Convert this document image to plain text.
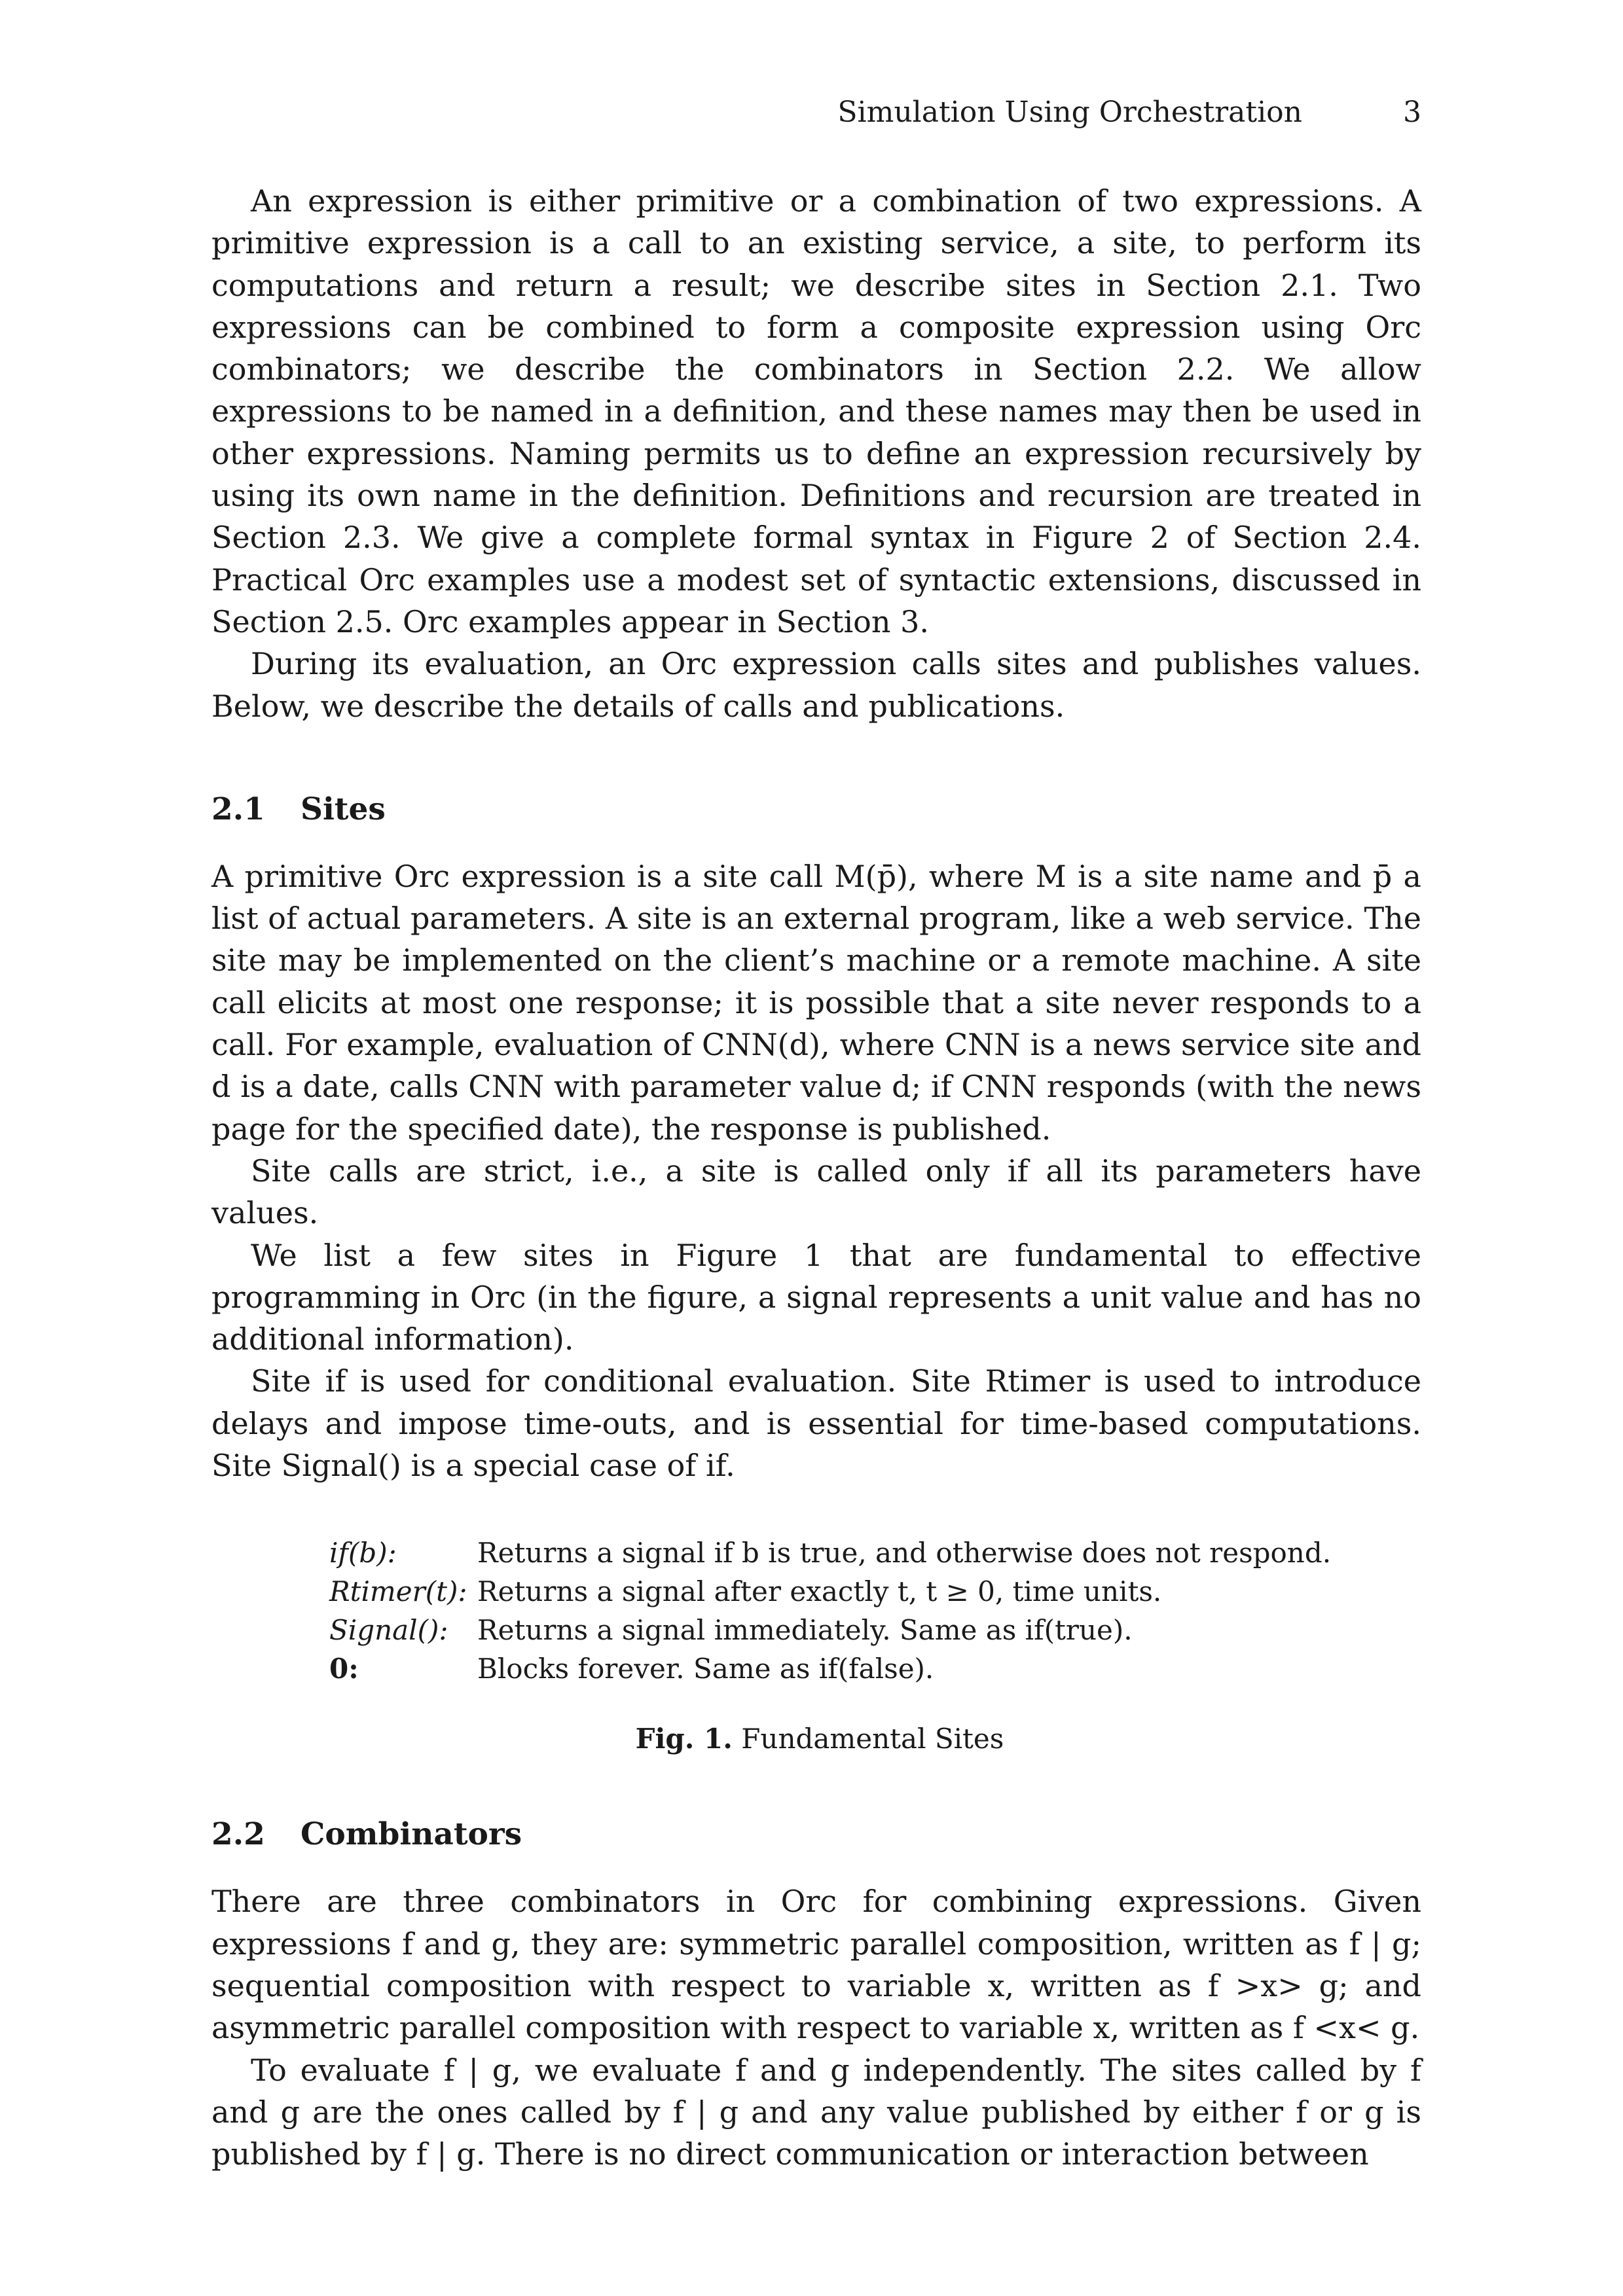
Simulation Using Orchestration	3

An expression is either primitive or a combination of two expressions. A primitive expression is a call to an existing service, a site, to perform its computations and return a result; we describe sites in Section 2.1. Two expressions can be combined to form a composite expression using Orc combinators; we describe the combinators in Section 2.2. We allow expressions to be named in a definition, and these names may then be used in other expressions. Naming permits us to define an expression recursively by using its own name in the definition. Definitions and recursion are treated in Section 2.3. We give a complete formal syntax in Figure 2 of Section 2.4. Practical Orc examples use a modest set of syntactic extensions, discussed in Section 2.5. Orc examples appear in Section 3.

During its evaluation, an Orc expression calls sites and publishes values. Below, we describe the details of calls and publications.

2.1 Sites

A primitive Orc expression is a site call M(p̄), where M is a site name and p̄ a list of actual parameters. A site is an external program, like a web service. The site may be implemented on the client’s machine or a remote machine. A site call elicits at most one response; it is possible that a site never responds to a call. For example, evaluation of CNN(d), where CNN is a news service site and d is a date, calls CNN with parameter value d; if CNN responds (with the news page for the specified date), the response is published.

Site calls are strict, i.e., a site is called only if all its parameters have values.

We list a few sites in Figure 1 that are fundamental to effective programming in Orc (in the figure, a signal represents a unit value and has no additional information).

Site if is used for conditional evaluation. Site Rtimer is used to introduce delays and impose time-outs, and is essential for time-based computations. Site Signal() is a special case of if.

if(b):	Returns a signal if b is true, and otherwise does not respond.
Rtimer(t): Returns a signal after exactly t, t ≥ 0, time units.
Signal():	Returns a signal immediately. Same as if(true).
0:	Blocks forever. Same as if(false).
Fig. 1. Fundamental Sites
2.2 Combinators

There are three combinators in Orc for combining expressions. Given expressions f and g, they are: symmetric parallel composition, written as f | g; sequential composition with respect to variable x, written as f >x> g; and asymmetric parallel composition with respect to variable x, written as f <x< g.

To evaluate f | g, we evaluate f and g independently. The sites called by f and g are the ones called by f | g and any value published by either f or g is published by f | g. There is no direct communication or interaction between
